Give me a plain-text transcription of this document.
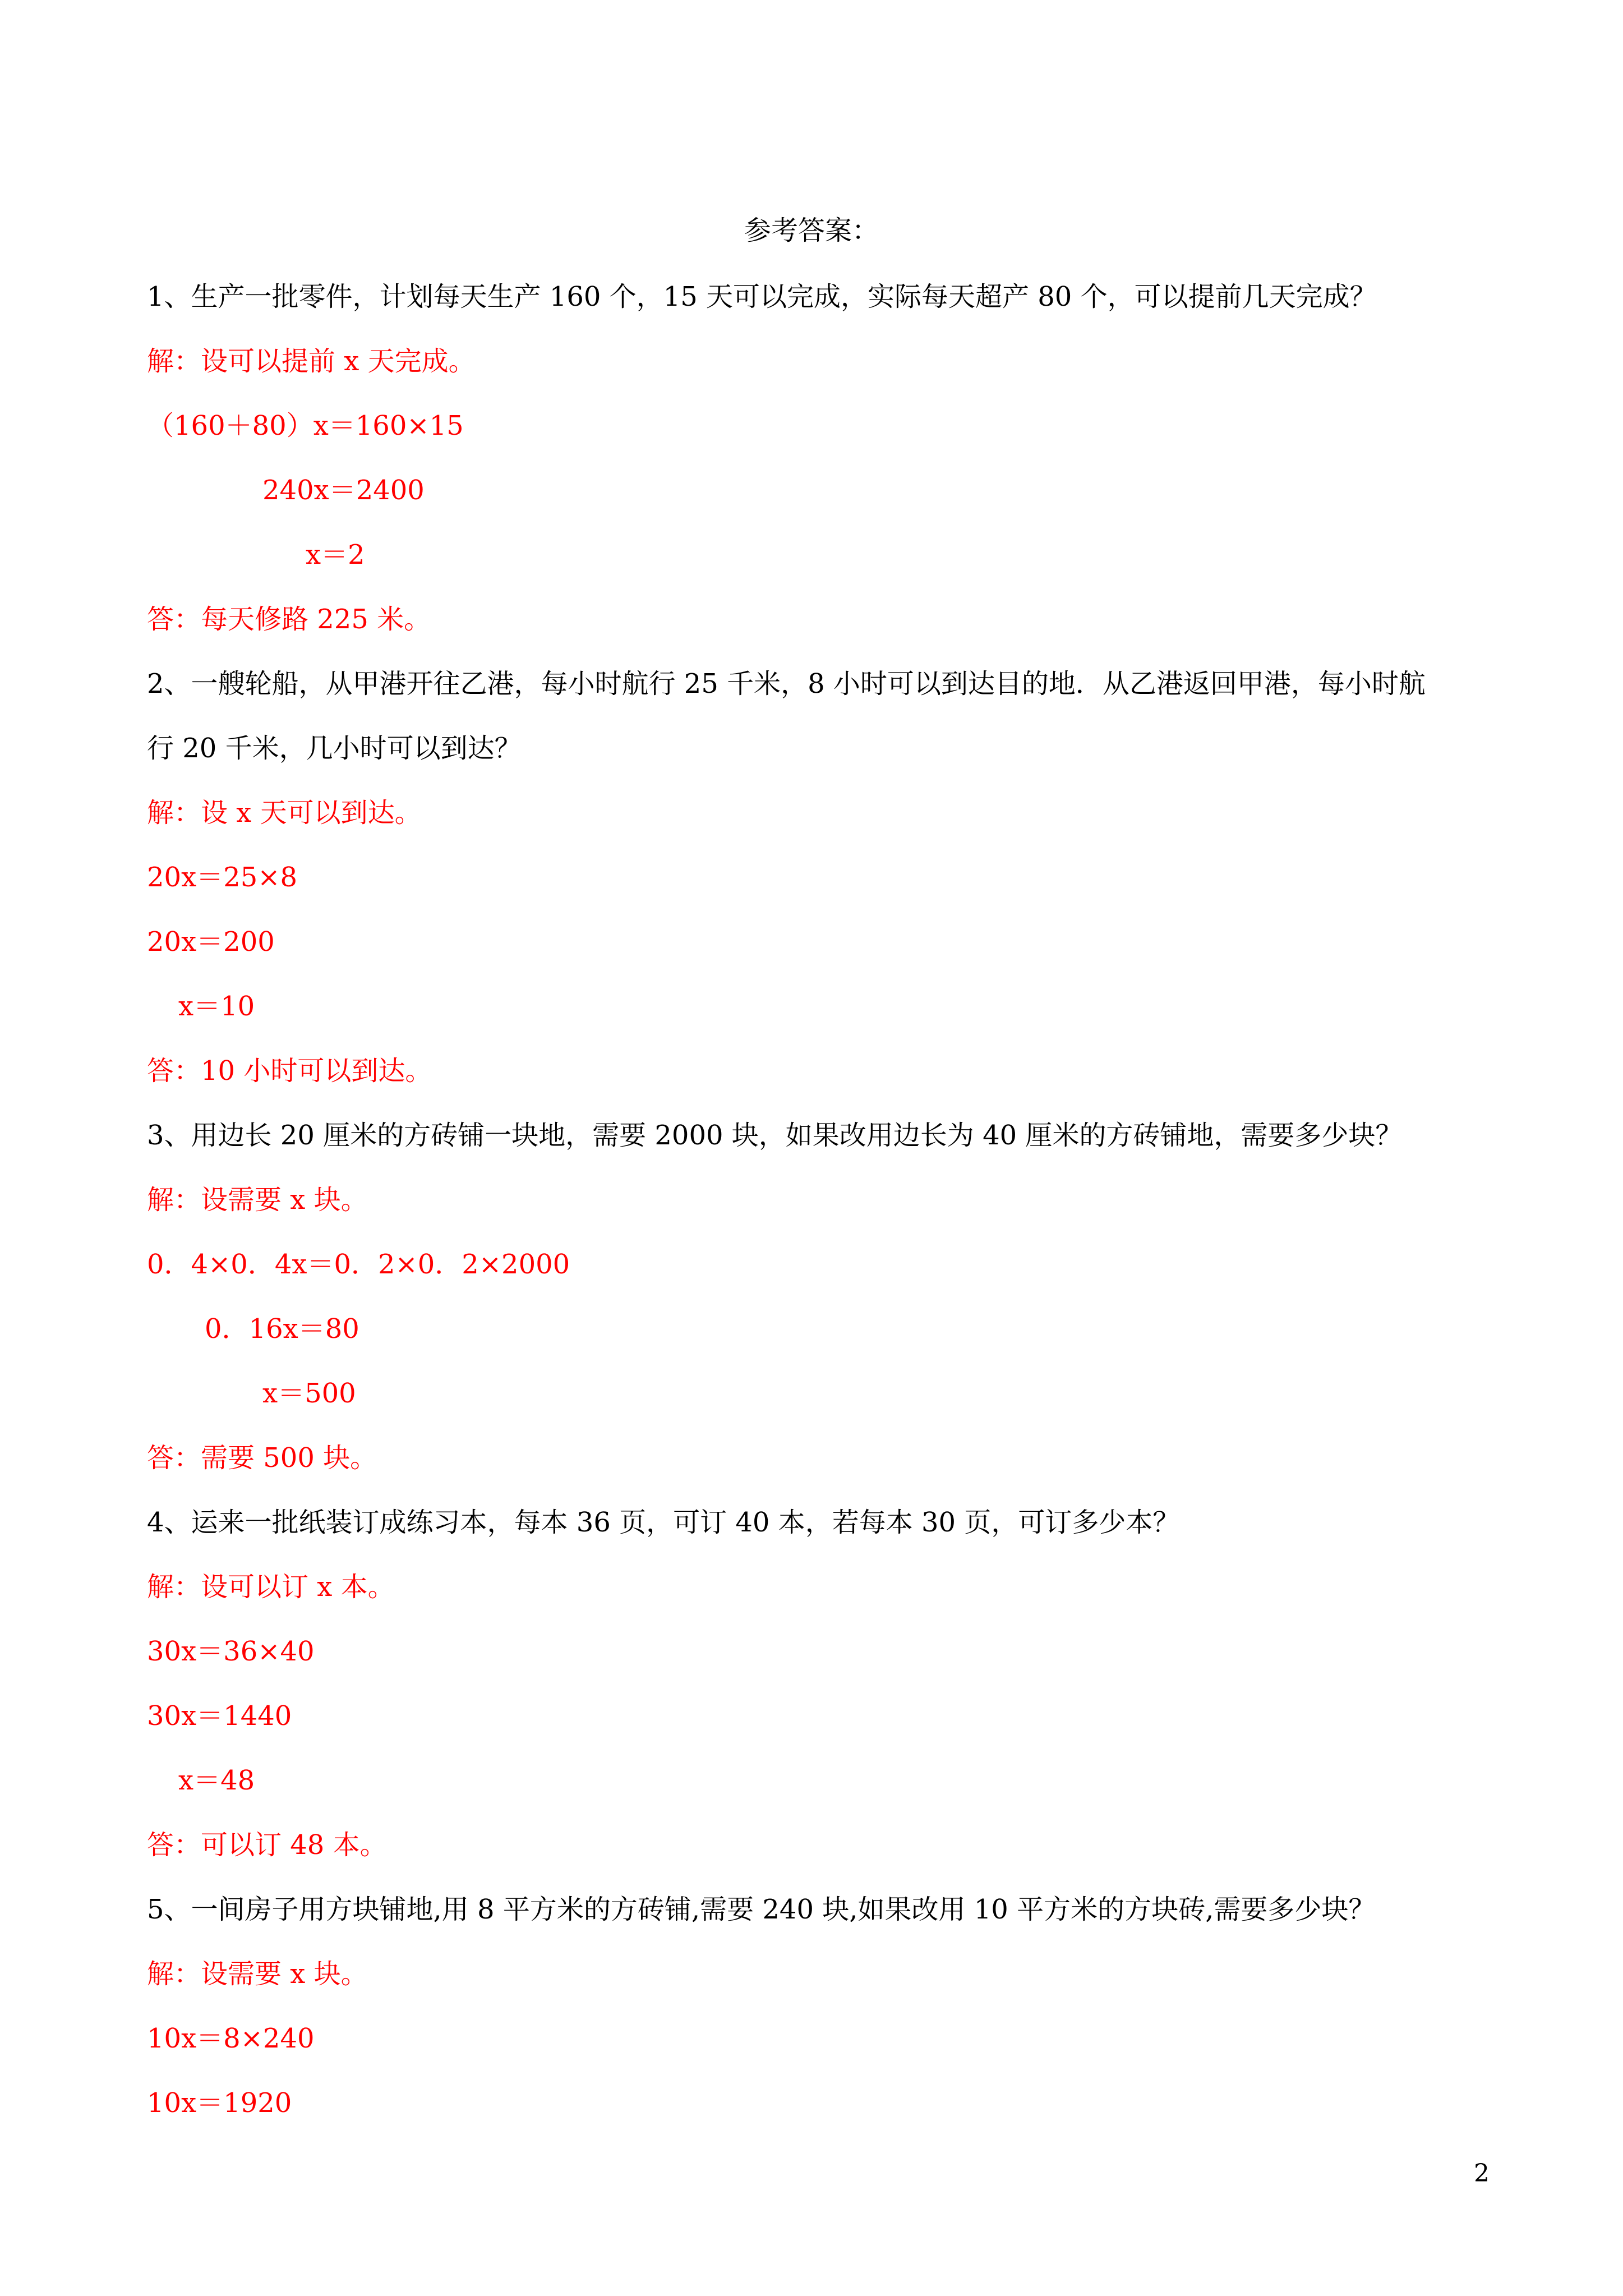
参考答案：
1、生产一批零件，计划每天生产 160 个，15 天可以完成，实际每天超产 80 个，可以提前几天完成？
解：设可以提前 x 天完成。
（160＋80）x＝160×15
240x＝2400
x＝2
答：每天修路 225 米。
2、一艘轮船，从甲港开往乙港，每小时航行 25 千米，8 小时可以到达目的地．从乙港返回甲港，每小时航
行 20 千米，几小时可以到达？
解：设 x 天可以到达。
20x＝25×8
20x＝200
x＝10
答：10 小时可以到达。
3、用边长 20 厘米的方砖铺一块地，需要 2000 块，如果改用边长为 40 厘米的方砖铺地，需要多少块？
解：设需要 x 块。
0．4×0．4x＝0．2×0．2×2000
0．16x＝80
x＝500
答：需要 500 块。
4、运来一批纸装订成练习本，每本 36 页，可订 40 本，若每本 30 页，可订多少本？
解：设可以订 x 本。
30x＝36×40
30x＝1440
x＝48
答：可以订 48 本。
5、一间房子用方块铺地,用 8 平方米的方砖铺,需要 240 块,如果改用 10 平方米的方块砖,需要多少块？
解：设需要 x 块。
10x＝8×240
10x＝1920
2
